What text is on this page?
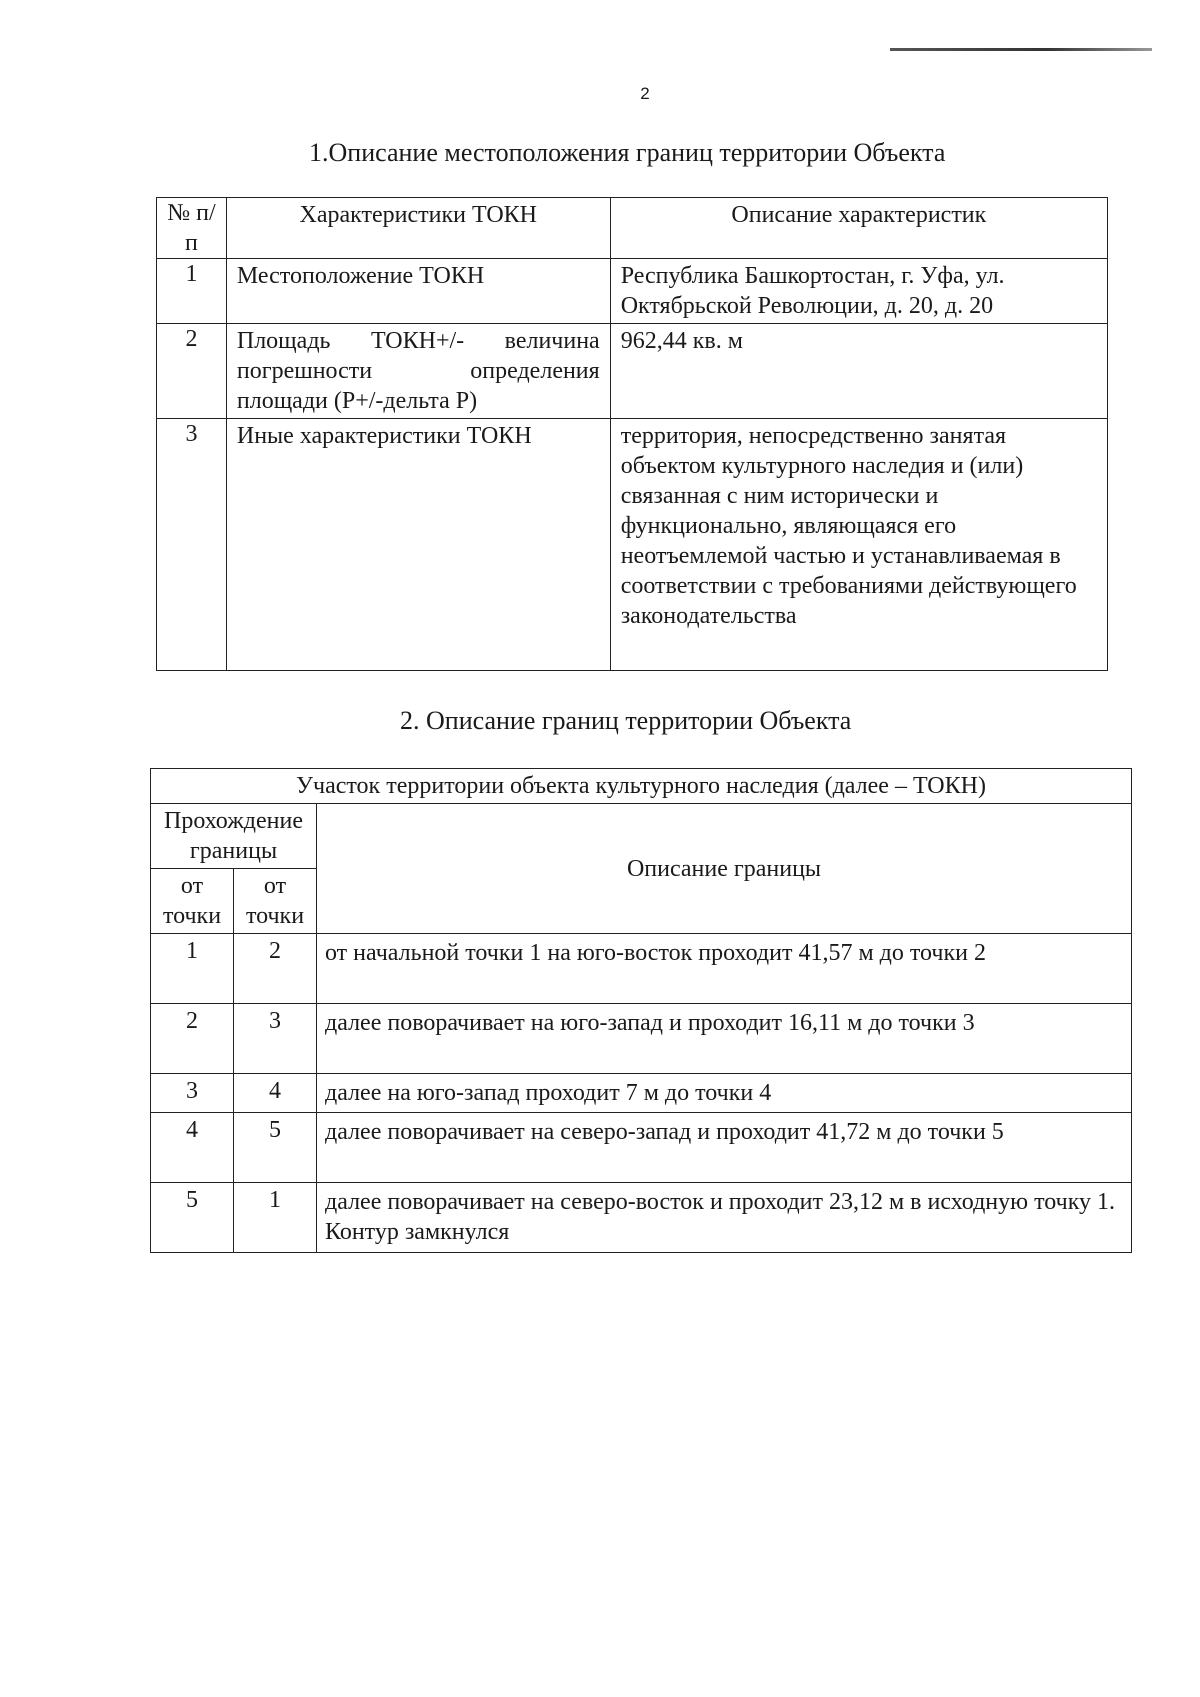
2
1.Описание местоположения границ территории Объекта
№ п/п	Характеристики ТОКН	Описание характеристик
1	Местоположение ТОКН	Республика Башкортостан, г. Уфа, ул. Октябрьской Революции, д. 20, д. 20
2	Площадь ТОКН+/- величина погрешности определения площади (Р+/-дельта Р)	962,44 кв. м
3	Иные характеристики ТОКН	территория, непосредственно занятая объектом культурного наследия и (или) связанная с ним исторически и функционально, являющаяся его неотъемлемой частью и устанавливаемая в соответствии с требованиями действующего законодательства
2. Описание границ территории Объекта
Участок территории объекта культурного наследия (далее – ТОКН)		
Прохождение границы		Описание границы
от точки	от точки	
1	2	от начальной точки 1 на юго-восток проходит 41,57 м до точки 2
2	3	далее поворачивает на юго-запад и проходит 16,11 м до точки 3
3	4	далее на юго-запад проходит 7 м до точки 4
4	5	далее поворачивает на северо-запад и проходит 41,72 м до точки 5
5	1	далее поворачивает на северо-восток и проходит 23,12 м в исходную точку 1. Контур замкнулся
